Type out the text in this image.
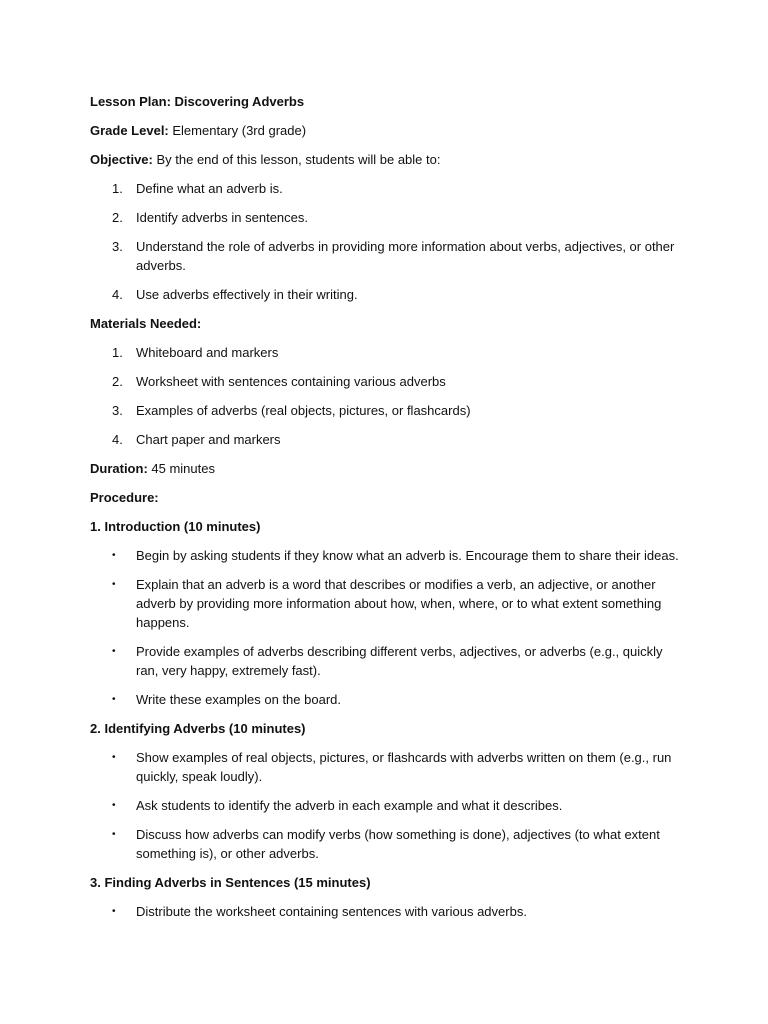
Lesson Plan: Discovering Adverbs

Grade Level: Elementary (3rd grade)

Objective: By the end of this lesson, students will be able to:

1. Define what an adverb is.
2. Identify adverbs in sentences.
3. Understand the role of adverbs in providing more information about verbs, adjectives, or other adverbs.
4. Use adverbs effectively in their writing.

Materials Needed:

1. Whiteboard and markers
2. Worksheet with sentences containing various adverbs
3. Examples of adverbs (real objects, pictures, or flashcards)
4. Chart paper and markers

Duration: 45 minutes

Procedure:

1. Introduction (10 minutes)

• Begin by asking students if they know what an adverb is. Encourage them to share their ideas.
• Explain that an adverb is a word that describes or modifies a verb, an adjective, or another adverb by providing more information about how, when, where, or to what extent something happens.
• Provide examples of adverbs describing different verbs, adjectives, or adverbs (e.g., quickly ran, very happy, extremely fast).
• Write these examples on the board.

2. Identifying Adverbs (10 minutes)

• Show examples of real objects, pictures, or flashcards with adverbs written on them (e.g., run quickly, speak loudly).
• Ask students to identify the adverb in each example and what it describes.
• Discuss how adverbs can modify verbs (how something is done), adjectives (to what extent something is), or other adverbs.

3. Finding Adverbs in Sentences (15 minutes)

• Distribute the worksheet containing sentences with various adverbs.
